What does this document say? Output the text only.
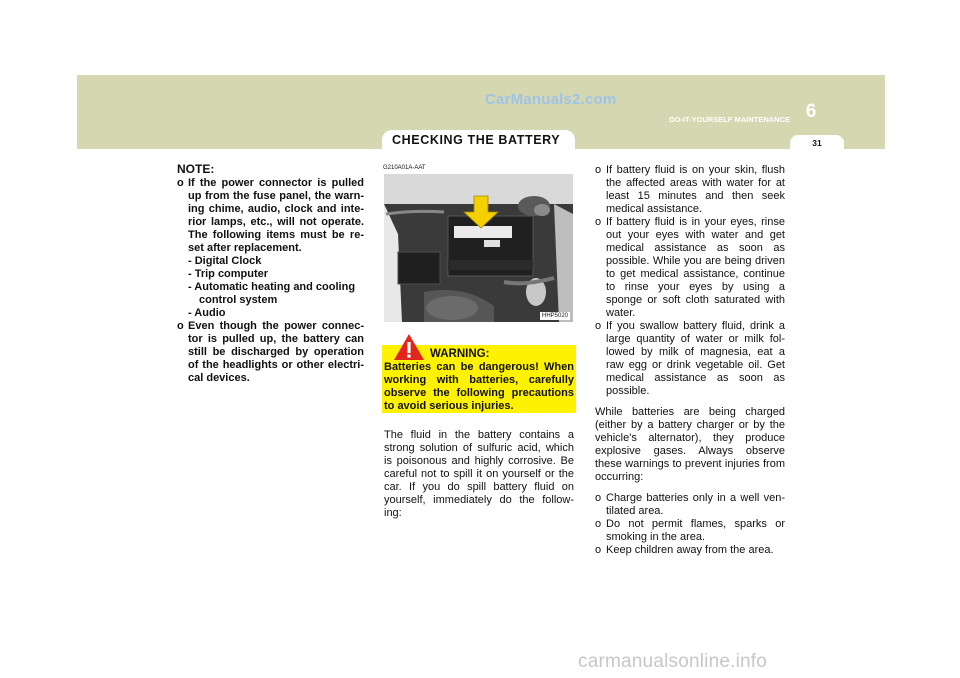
CarManuals2.com
CHECKING THE BATTERY
DO-IT-YOURSELF MAINTENANCE 6
31
NOTE:
o If the power connector is pulled up from the fuse panel, the warn- ing chime, audio, clock and inte- rior lamps, etc., will not operate. The following items must be re- set after replacement.
- Digital Clock
- Trip computer
- Automatic heating and cooling
control system
- Audio
o Even though the power connec- tor is pulled up, the battery can still be discharged by operation of the headlights or other electri- cal devices.
G210A01A-AAT
HHP5020
WARNING:
Batteries can be dangerous! When working with batteries, carefully observe the following precautions to avoid serious injuries.
The fluid in the battery contains a strong solution of sulfuric acid, which is poisonous and highly corrosive. Be careful not to spill it on yourself or the car. If you do spill battery fluid on yourself, immediately do the follow- ing:
o If battery fluid is on your skin, flush the affected areas with water for at least 15 minutes and then seek medical assistance.
o If battery fluid is in your eyes, rinse out your eyes with water and get medical assistance as soon as possible. While you are being driven to get medical assistance, continue to rinse your eyes by using a sponge or soft cloth saturated with water.
o If you swallow battery fluid, drink a large quantity of water or milk fol- lowed by milk of magnesia, eat a raw egg or drink vegetable oil. Get medical assistance as soon as possible.
While batteries are being charged (either by a battery charger or by the vehicle's alternator), they produce explosive gases. Always observe these warnings to prevent injuries from occurring:
o Charge batteries only in a well ven- tilated area.
o Do not permit flames, sparks or smoking in the area.
o Keep children away from the area.
carmanualsonline.info
